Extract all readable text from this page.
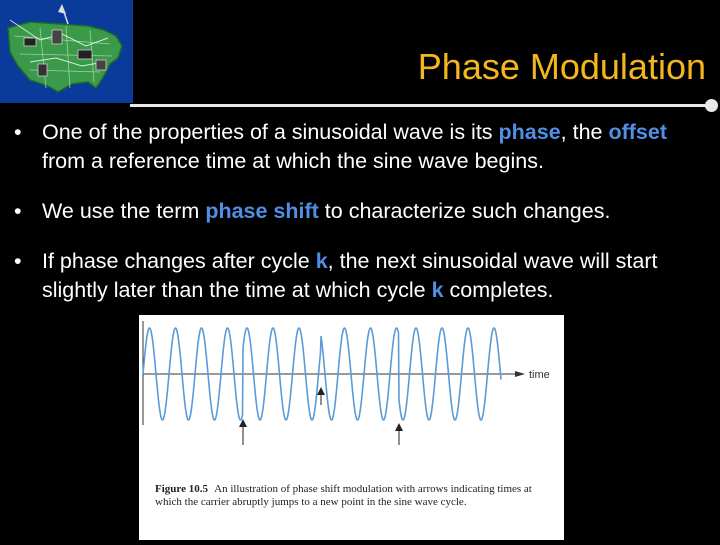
Phase Modulation
• One of the properties of a sinusoidal wave is its phase, the offset from a reference time at which the sine wave begins.
• We use the term phase shift to characterize such changes.
• If phase changes after cycle k, the next sinusoidal wave will start slightly later than the time at which cycle k completes.
time
Figure 10.5 An illustration of phase shift modulation with arrows indicating times at which the carrier abruptly jumps to a new point in the sine wave cycle.
